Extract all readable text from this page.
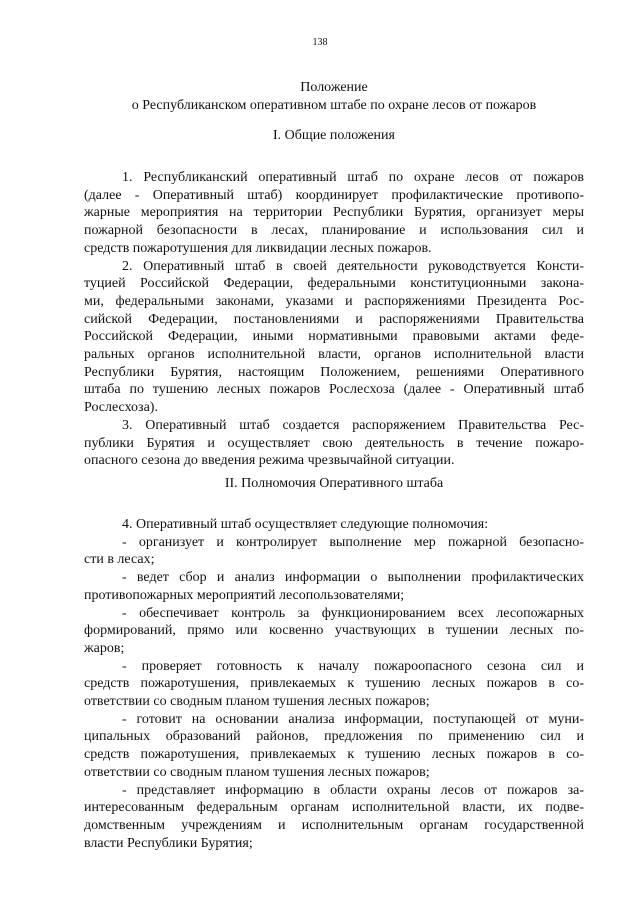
138
Положение
о Республиканском оперативном штабе по охране лесов от пожаров
I. Общие положения
1. Республиканский оперативный штаб по охране лесов от пожаров
(далее - Оперативный штаб) координирует профилактические противопо-
жарные мероприятия на территории Республики Бурятия, организует меры
пожарной безопасности в лесах, планирование и использования сил и
средств пожаротушения для ликвидации лесных пожаров.
2. Оперативный штаб в своей деятельности руководствуется Консти-
туцией Российской Федерации, федеральными конституционными закона-
ми, федеральными законами, указами и распоряжениями Президента Рос-
сийской Федерации, постановлениями и распоряжениями Правительства
Российской Федерации, иными нормативными правовыми актами феде-
ральных органов исполнительной власти, органов исполнительной власти
Республики Бурятия, настоящим Положением, решениями Оперативного
штаба по тушению лесных пожаров Рослесхоза (далее - Оперативный штаб
Рослесхоза).
3. Оперативный штаб создается распоряжением Правительства Рес-
публики Бурятия и осуществляет свою деятельность в течение пожаро-
опасного сезона до введения режима чрезвычайной ситуации.
II. Полномочия Оперативного штаба
4. Оперативный штаб осуществляет следующие полномочия:
- организует и контролирует выполнение мер пожарной безопасно-
сти в лесах;
- ведет сбор и анализ информации о выполнении профилактических
противопожарных мероприятий лесопользователями;
- обеспечивает контроль за функционированием всех лесопожарных
формирований, прямо или косвенно участвующих в тушении лесных по-
жаров;
- проверяет готовность к началу пожароопасного сезона сил и
средств пожаротушения, привлекаемых к тушению лесных пожаров в со-
ответствии со сводным планом тушения лесных пожаров;
- готовит на основании анализа информации, поступающей от муни-
ципальных образований районов, предложения по применению сил и
средств пожаротушения, привлекаемых к тушению лесных пожаров в со-
ответствии со сводным планом тушения лесных пожаров;
- представляет информацию в области охраны лесов от пожаров за-
интересованным федеральным органам исполнительной власти, их подве-
домственным учреждениям и исполнительным органам государственной
власти Республики Бурятия;
